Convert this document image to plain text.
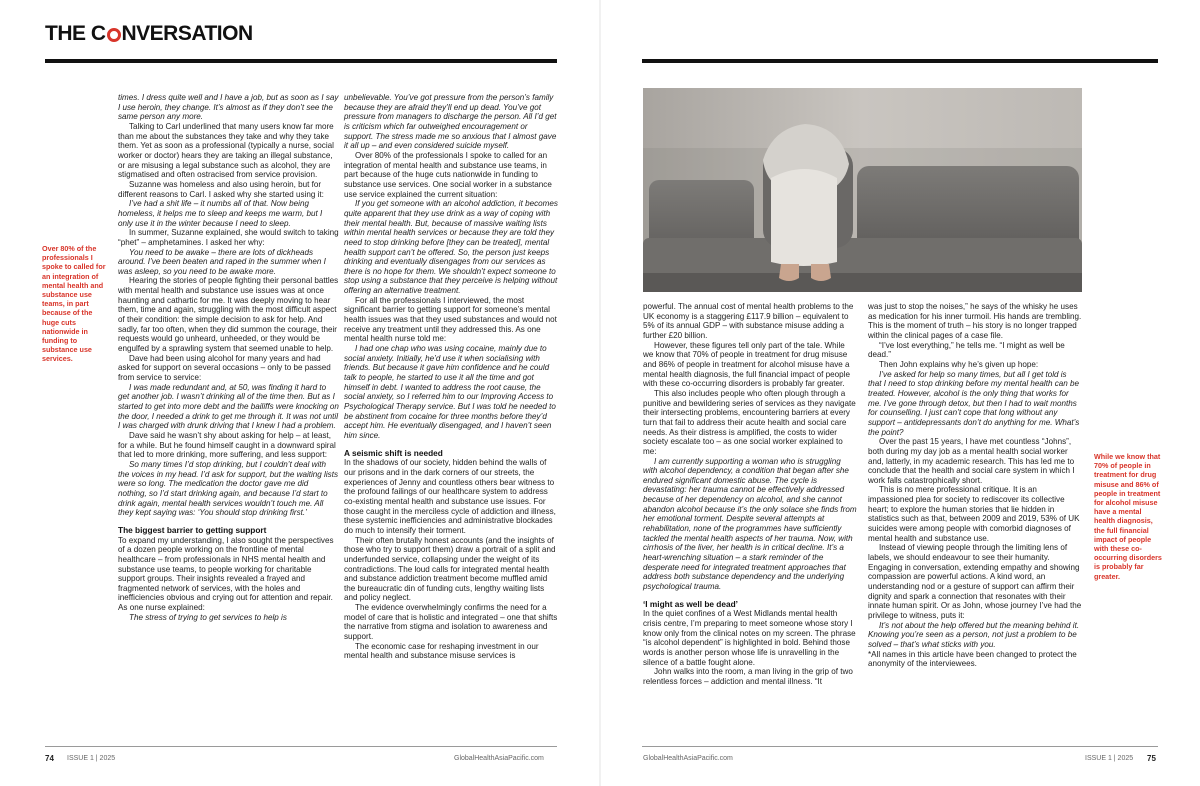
THE C NVERSATION
Over 80% of the professionals I spoke to called for an integration of mental health and substance use teams, in part because of the huge cuts nationwide in funding to substance use services.
While we know that 70% of people in treatment for drug misuse and 86% of people in treatment for alcohol misuse have a mental health diagnosis, the full financial impact of people with these co-occurring disorders is probably far greater.

times. I dress quite well and I have a job, but as soon as I say I use heroin, they change. It’s almost as if they don’t see the same person any more.

Talking to Carl underlined that many users know far more than me about the substances they take and why they take them. Yet as soon as a professional (typically a nurse, social worker or doctor) hears they are taking an illegal substance, or are misusing a legal substance such as alcohol, they are stigmatised and often ostracised from service provision.

Suzanne was homeless and also using heroin, but for different reasons to Carl. I asked why she started using it:

I’ve had a shit life – it numbs all of that. Now being homeless, it helps me to sleep and keeps me warm, but I only use it in the winter because I need to sleep.

In summer, Suzanne explained, she would switch to taking “phet” – amphetamines. I asked her why:

You need to be awake – there are lots of dickheads around. I’ve been beaten and raped in the summer when I was asleep, so you need to be awake more.

Hearing the stories of people fighting their personal battles with mental health and substance use issues was at once haunting and cathartic for me. It was deeply moving to hear them, time and again, struggling with the most difficult aspect of their condition: the simple decision to ask for help. And sadly, far too often, when they did summon the courage, their requests would go unheard, unheeded, or they would be engulfed by a sprawling system that seemed unable to help.

Dave had been using alcohol for many years and had asked for support on several occasions – only to be passed from service to service:

I was made redundant and, at 50, was finding it hard to get another job. I wasn’t drinking all of the time then. But as I started to get into more debt and the bailiffs were knocking on the door, I needed a drink to get me through it. It was not until I was charged with drunk driving that I knew I had a problem.

Dave said he wasn’t shy about asking for help – at least, for a while. But he found himself caught in a downward spiral that led to more drinking, more suffering, and less support:

So many times I’d stop drinking, but I couldn’t deal with the voices in my head. I’d ask for support, but the waiting lists were so long. The medication the doctor gave me did nothing, so I’d start drinking again, and because I’d start to drink again, mental health services wouldn’t touch me. All they kept saying was: ‘You should stop drinking first.’

The biggest barrier to getting support

To expand my understanding, I also sought the perspectives of a dozen people working on the frontline of mental healthcare – from professionals in NHS mental health and substance use teams, to people working for charitable support groups. Their insights revealed a frayed and fragmented network of services, with the holes and inefficiencies obvious and crying out for attention and repair. As one nurse explained:

The stress of trying to get services to help is

unbelievable. You’ve got pressure from the person’s family because they are afraid they’ll end up dead. You’ve got pressure from managers to discharge the person. All I’d get is criticism which far outweighed encouragement or support. The stress made me so anxious that I almost gave it all up – and even considered suicide myself.

Over 80% of the professionals I spoke to called for an integration of mental health and substance use teams, in part because of the huge cuts nationwide in funding to substance use services. One social worker in a substance use service explained the current situation:

If you get someone with an alcohol addiction, it becomes quite apparent that they use drink as a way of coping with their mental health. But, because of massive waiting lists within mental health services or because they are told they need to stop drinking before [they can be treated], mental health support can’t be offered. So, the person just keeps drinking and eventually disengages from our services as there is no hope for them. We shouldn’t expect someone to stop using a substance that they perceive is helping without offering an alternative treatment.

For all the professionals I interviewed, the most significant barrier to getting support for someone’s mental health issues was that they used substances and would not receive any treatment until they addressed this. As one mental health nurse told me:

I had one chap who was using cocaine, mainly due to social anxiety. Initially, he’d use it when socialising with friends. But because it gave him confidence and he could talk to people, he started to use it all the time and got himself in debt. I wanted to address the root cause, the social anxiety, so I referred him to our Improving Access to Psychological Therapy service. But I was told he needed to be abstinent from cocaine for three months before they’d accept him. He eventually disengaged, and I haven’t seen him since.

A seismic shift is needed

In the shadows of our society, hidden behind the walls of our prisons and in the dark corners of our streets, the experiences of Jenny and countless others bear witness to the profound failings of our healthcare system to address co-existing mental health and substance use issues. For those caught in the merciless cycle of addiction and illness, these systemic inefficiencies and administrative blockades do much to intensify their torment.

Their often brutally honest accounts (and the insights of those who try to support them) draw a portrait of a split and underfunded service, collapsing under the weight of its contradictions. The loud calls for integrated mental health and substance addiction treatment become muffled amid the bureaucratic din of funding cuts, lengthy waiting lists and policy neglect.

The evidence overwhelmingly confirms the need for a model of care that is holistic and integrated – one that shifts the narrative from stigma and isolation to awareness and support.

The economic case for reshaping investment in our mental health and substance misuse services is

powerful. The annual cost of mental health problems to the UK economy is a staggering £117.9 billion – equivalent to 5% of its annual GDP – with substance misuse adding a further £20 billion.

However, these figures tell only part of the tale. While we know that 70% of people in treatment for drug misuse and 86% of people in treatment for alcohol misuse have a mental health diagnosis, the full financial impact of people with these co-occurring disorders is probably far greater.

This also includes people who often plough through a punitive and bewildering series of services as they navigate their intersecting problems, encountering barriers at every turn that fail to address their acute health and social care needs. As their distress is amplified, the costs to wider society escalate too – as one social worker explained to me:

I am currently supporting a woman who is struggling with alcohol dependency, a condition that began after she endured significant domestic abuse. The cycle is devastating: her trauma cannot be effectively addressed because of her dependency on alcohol, and she cannot abandon alcohol because it’s the only solace she finds from her emotional torment. Despite several attempts at rehabilitation, none of the programmes have sufficiently tackled the mental health aspects of her trauma. Now, with cirrhosis of the liver, her health is in critical decline. It’s a heart-wrenching situation – a stark reminder of the desperate need for integrated treatment approaches that address both substance dependency and the underlying psychological trauma.

‘I might as well be dead’

In the quiet confines of a West Midlands mental health crisis centre, I’m preparing to meet someone whose story I know only from the clinical notes on my screen. The phrase “is alcohol dependent” is highlighted in bold. Behind those words is another person whose life is unravelling in the silence of a battle fought alone.

John walks into the room, a man living in the grip of two relentless forces – addiction and mental illness. “It

was just to stop the noises,” he says of the whisky he uses as medication for his inner turmoil. His hands are trembling. This is the moment of truth – his story is no longer trapped within the clinical pages of a case file.

“I’ve lost everything,” he tells me. “I might as well be dead.”

Then John explains why he’s given up hope:

I’ve asked for help so many times, but all I get told is that I need to stop drinking before my mental health can be treated. However, alcohol is the only thing that works for me. I’ve gone through detox, but then I had to wait months for counselling. I just can’t cope that long without any support – antidepressants don’t do anything for me. What’s the point?

Over the past 15 years, I have met countless “Johns”, both during my day job as a mental health social worker and, latterly, in my academic research. This has led me to conclude that the health and social care system in which I work falls catastrophically short.

This is no mere professional critique. It is an impassioned plea for society to rediscover its collective heart; to explore the human stories that lie hidden in statistics such as that, between 2009 and 2019, 53% of UK suicides were among people with comorbid diagnoses of mental health and substance use.

Instead of viewing people through the limiting lens of labels, we should endeavour to see their humanity. Engaging in conversation, extending empathy and showing compassion are powerful actions. A kind word, an understanding nod or a gesture of support can affirm their dignity and spark a connection that resonates with their innate human spirit. Or as John, whose journey I’ve had the privilege to witness, puts it:

It’s not about the help offered but the meaning behind it. Knowing you’re seen as a person, not just a problem to be solved – that’s what sticks with you.

*All names in this article have been changed to protect the anonymity of the interviewees.

74 ISSUE 1 | 2025	GlobalHealthAsiaPacific.com	GlobalHealthAsiaPacific.com	ISSUE 1 | 2025 75
